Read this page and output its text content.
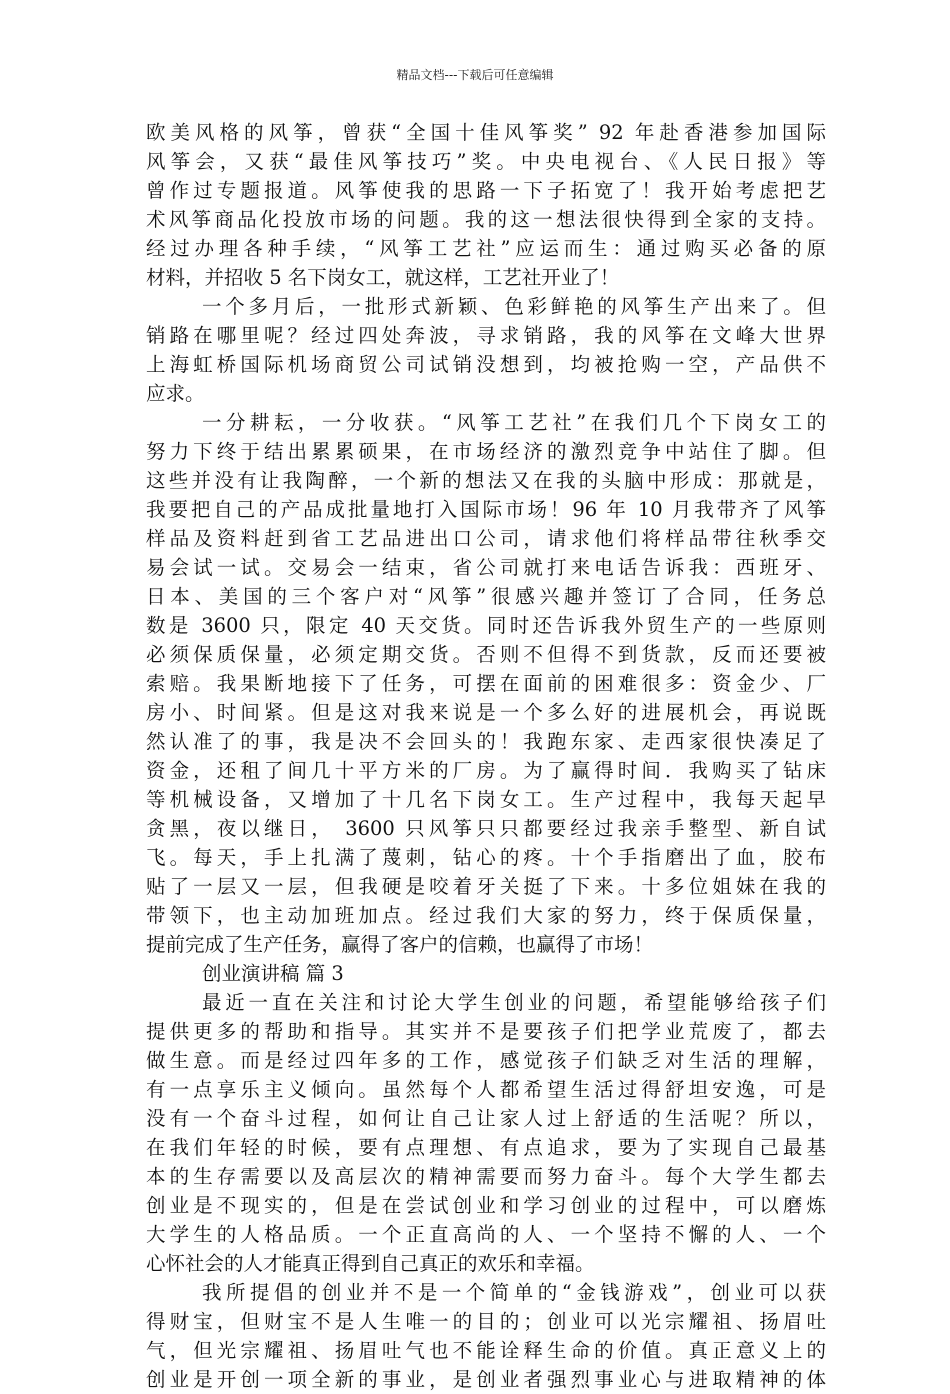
精品文档---下载后可任意编辑
欧美风格的风筝，曾获“全国十佳风筝奖” 92 年赴香港参加国际
风筝会，又获“最佳风筝技巧”奖。中央电视台、《人民日报》等
曾作过专题报道。风筝使我的思路一下子拓宽了！我开始考虑把艺
术风筝商品化投放市场的问题。我的这一想法很快得到全家的支持。
经过办理各种手续，“风筝工艺社”应运而生：通过购买必备的原
材料，并招收 5 名下岗女工，就这样，工艺社开业了！
一个多月后，一批形式新颖、色彩鲜艳的风筝生产出来了。但
销路在哪里呢？经过四处奔波，寻求销路，我的风筝在文峰大世界
上海虹桥国际机场商贸公司试销没想到，均被抢购一空，产品供不
应求。
一分耕耘，一分收获。“风筝工艺社”在我们几个下岗女工的
努力下终于结出累累硕果，在市场经济的激烈竞争中站住了脚。但
这些并没有让我陶醉，一个新的想法又在我的头脑中形成：那就是，
我要把自己的产品成批量地打入国际市场！96 年 10 月我带齐了风筝
样品及资料赶到省工艺品进出口公司，请求他们将样品带往秋季交
易会试一试。交易会一结束，省公司就打来电话告诉我：西班牙、
日本、美国的三个客户对“风筝”很感兴趣并签订了合同，任务总
数是 3600 只，限定 40 天交货。同时还告诉我外贸生产的一些原则
必须保质保量，必须定期交货。否则不但得不到货款，反而还要被
索赔。我果断地接下了任务，可摆在面前的困难很多：资金少、厂
房小、时间紧。但是这对我来说是一个多么好的进展机会，再说既
然认准了的事，我是决不会回头的！我跑东家、走西家很快凑足了
资金，还租了间几十平方米的厂房。为了赢得时间．我购买了钻床
等机械设备，又增加了十几名下岗女工。生产过程中，我每天起早
贪黑，夜以继日， 3600 只风筝只只都要经过我亲手整型、新自试
飞。每天，手上扎满了蔑刺，钻心的疼。十个手指磨出了血，胶布
贴了一层又一层，但我硬是咬着牙关挺了下来。十多位姐妹在我的
带领下，也主动加班加点。经过我们大家的努力，终于保质保量，
提前完成了生产任务，赢得了客户的信赖，也赢得了市场！
创业演讲稿 篇 3
最近一直在关注和讨论大学生创业的问题，希望能够给孩子们
提供更多的帮助和指导。其实并不是要孩子们把学业荒废了，都去
做生意。而是经过四年多的工作，感觉孩子们缺乏对生活的理解，
有一点享乐主义倾向。虽然每个人都希望生活过得舒坦安逸，可是
没有一个奋斗过程，如何让自己让家人过上舒适的生活呢？所以，
在我们年轻的时候，要有点理想、有点追求，要为了实现自己最基
本的生存需要以及高层次的精神需要而努力奋斗。每个大学生都去
创业是不现实的，但是在尝试创业和学习创业的过程中，可以磨炼
大学生的人格品质。一个正直高尚的人、一个坚持不懈的人、一个
心怀社会的人才能真正得到自己真正的欢乐和幸福。
我所提倡的创业并不是一个简单的“金钱游戏”，创业可以获
得财宝，但财宝不是人生唯一的目的；创业可以光宗耀祖、扬眉吐
气，但光宗耀祖、扬眉吐气也不能诠释生命的价值。真正意义上的
创业是开创一项全新的事业，是创业者强烈事业心与进取精神的体
